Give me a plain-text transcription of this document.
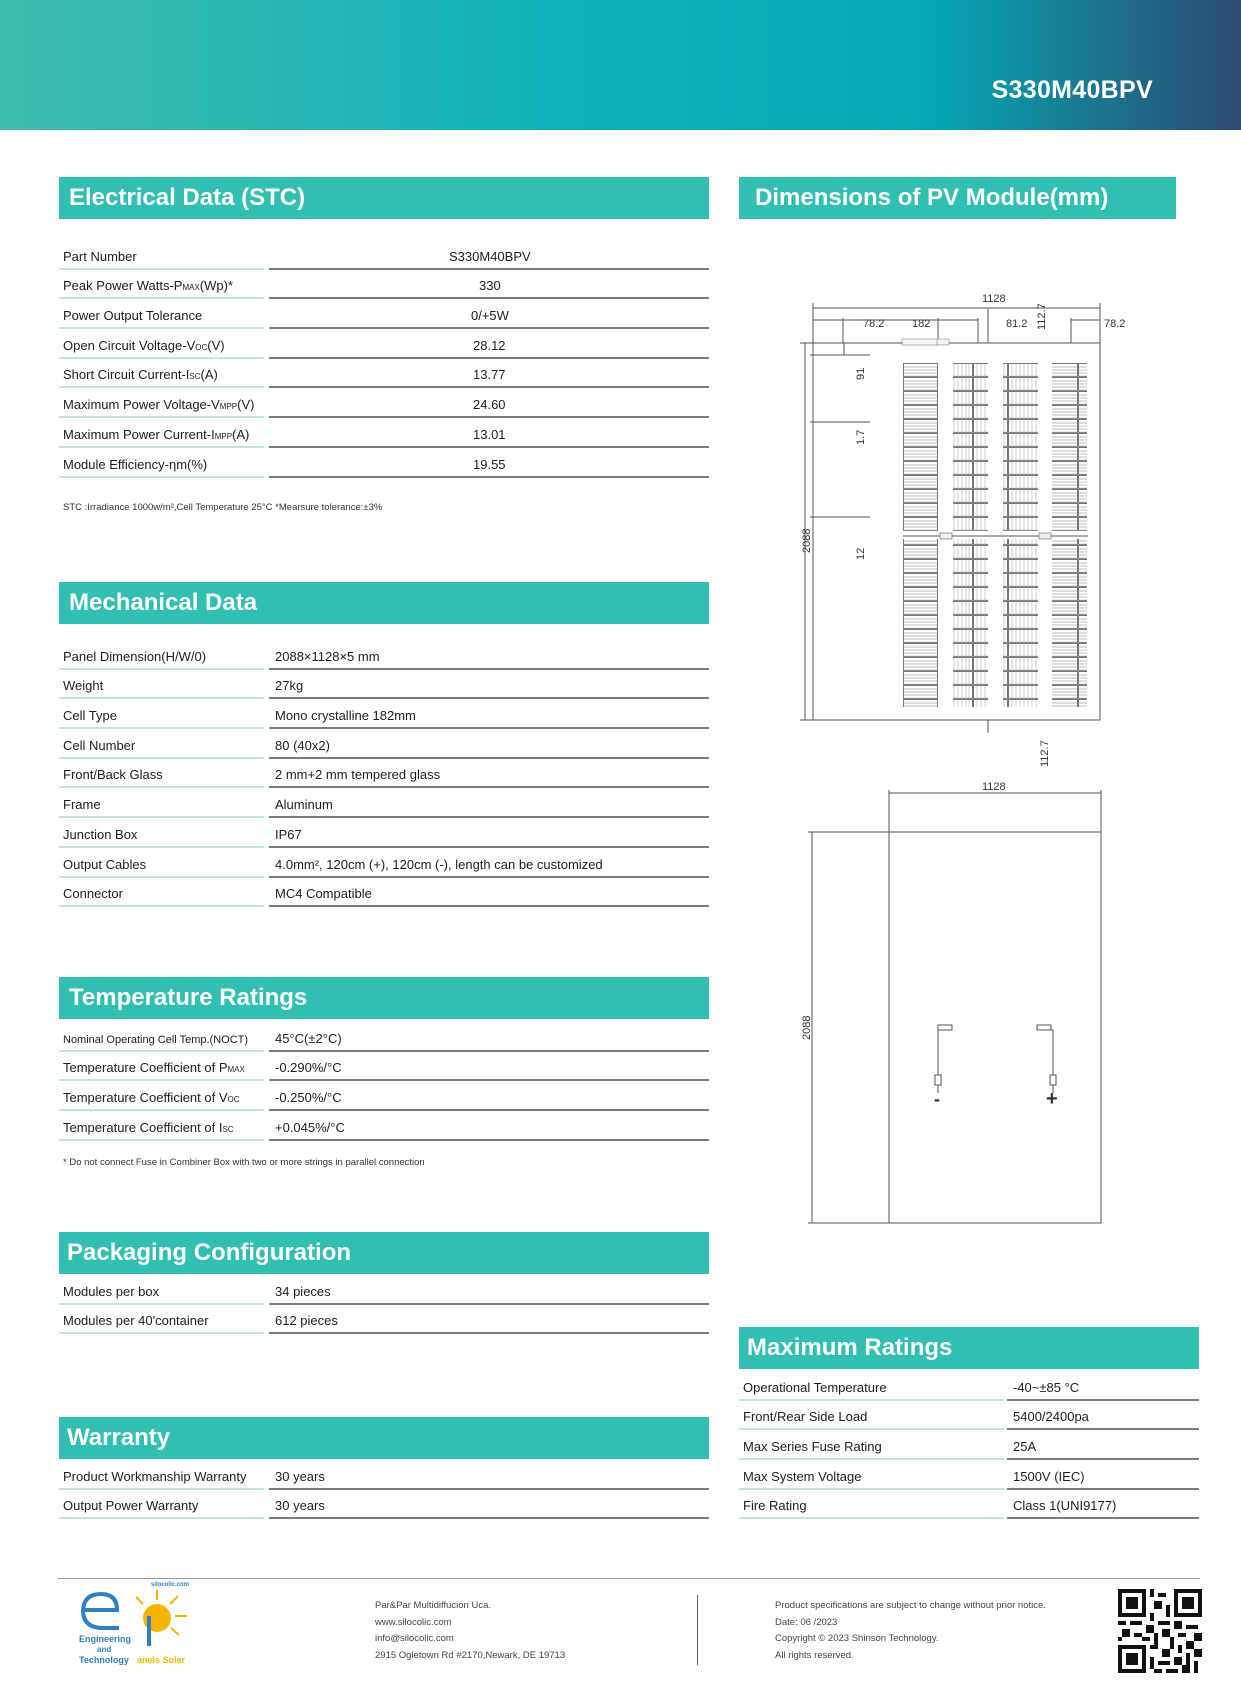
S330M40BPV
Electrical Data (STC)
Part Number	S330M40BPV
Peak Power Watts-PMAX(Wp)*	330
Power Output Tolerance	0/+5W
Open Circuit Voltage-VOC(V)	28.12
Short Circuit Current-ISC(A)	13.77
Maximum Power Voltage-VMPP(V)	24.60
Maximum Power Current-IMPP(A)	13.01
Module Efficiency-ηm(%)	19.55
STC :Irradiance 1000w/m²,Cell Temperature 25°C *Mearsure tolerance:±3%
Mechanical Data
Panel Dimension(H/W/0)	2088×1128×5 mm
Weight	27kg
Cell Type	Mono crystalline 182mm
Cell Number	80 (40x2)
Front/Back Glass	2 mm+2 mm tempered glass
Frame	Aluminum
Junction Box	IP67
Output Cables	4.0mm², 120cm (+), 120cm (-), length can be customized
Connector	MC4 Compatible
Temperature Ratings
Nominal Operating Cell Temp.(NOCT) 45°C(±2°C)
Temperature Coefficient of PMAX -0.290%/°C
Temperature Coefficient of VOC	-0.250%/°C
Temperature Coefficient of ISC	+0.045%/°C
* Do not connect Fuse in Combiner Box with two or more strings in parallel connection
Packaging Configuration
Modules per box	34 pieces
Modules per 40'container	612 pieces
Warranty
Product Workmanship Warranty 30 years
Output Power Warranty	30 years
Dimensions of PV Module(mm)
1128
78.2	182	81.2 112.7	78.2
91
1.7
12
2088
112.7
1128
2088
-	+
Maximum Ratings
Operational Temperature	-40~±85 °C
Front/Rear Side Load	5400/2400pa
Max Series Fuse Rating	25A
Max System Voltage	1500V (IEC)
Fire Rating	Class 1(UNI9177)
silocolic.com
Engineering
and
Technology anels Solar
Par&Par Multidiffucion Uca.
www.silocolic.com
info@silocolic.com
2915 Ogletown Rd #2170,Newark, DE 19713
Product specifications are subject to change without prior notice.
Date: 06 /2023
Copyright © 2023 Shinson Technology.
All rights reserved.
